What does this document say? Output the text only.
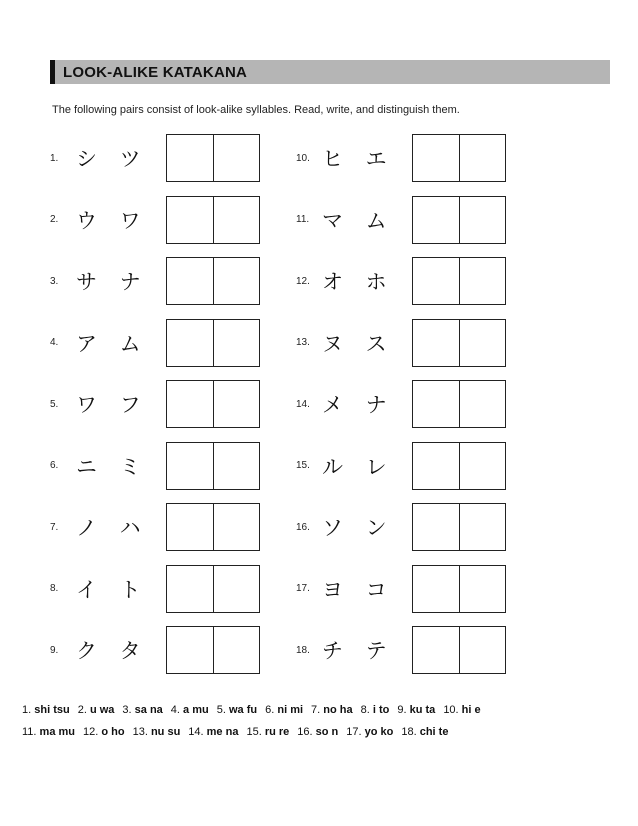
LOOK-ALIKE KATAKANA
The following pairs consist of look-alike syllables. Read, write, and distinguish them.
1. シ ツ
2. ウ ワ
3. サ ナ
4. ア ム
5. ワ フ
6. ニ ミ
7. ノ ハ
8. イ ト
9. ク タ
10. ヒ エ
11. マ ム
12. オ ホ
13. ヌ ス
14. メ ナ
15. ル レ
16. ソ ン
17. ヨ コ
18. チ テ
1. shi tsu 2. u wa 3. sa na 4. a mu 5. wa fu 6. ni mi 7. no ha 8. i to 9. ku ta 10. hi e
11. ma mu 12. o ho 13. nu su 14. me na 15. ru re 16. so n 17. yo ko 18. chi te
